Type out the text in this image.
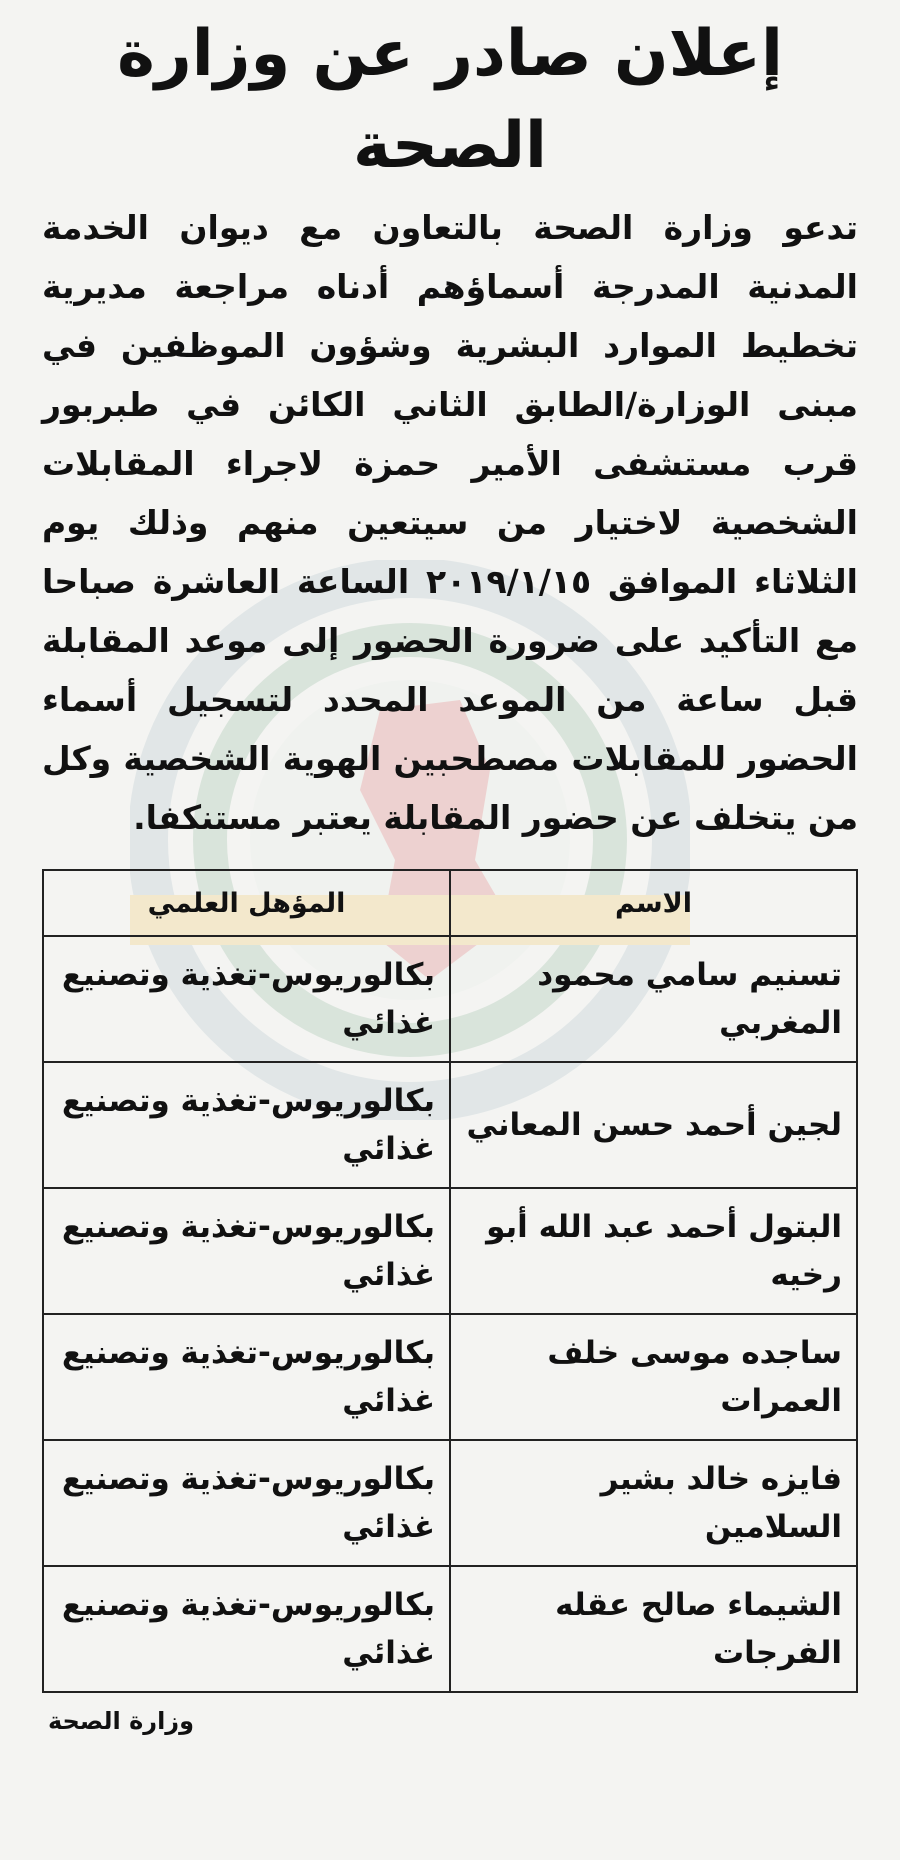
إعلان صادر عن وزارة الصحة

تدعو وزارة الصحة بالتعاون مع ديوان الخدمة المدنية المدرجة أسماؤهم أدناه مراجعة مديرية تخطيط الموارد البشرية وشؤون الموظفين في مبنى الوزارة/الطابق الثاني الكائن في طبربور قرب مستشفى الأمير حمزة لاجراء المقابلات الشخصية لاختيار من سيتعين منهم وذلك يوم الثلاثاء الموافق ٢٠١٩/١/١٥ الساعة العاشرة صباحا مع التأكيد على ضرورة الحضور إلى موعد المقابلة قبل ساعة من الموعد المحدد لتسجيل أسماء الحضور للمقابلات مصطحبين الهوية الشخصية وكل من يتخلف عن حضور المقابلة يعتبر مستنكفا.

الاسم	المؤهل العلمي
تسنيم سامي محمود المغربي	بكالوريوس-تغذية وتصنيع غذائي
لجين أحمد حسن المعاني	بكالوريوس-تغذية وتصنيع غذائي
البتول أحمد عبد الله أبو رخيه	بكالوريوس-تغذية وتصنيع غذائي
ساجده موسى خلف العمرات	بكالوريوس-تغذية وتصنيع غذائي
فايزه خالد بشير السلامين	بكالوريوس-تغذية وتصنيع غذائي
الشيماء صالح عقله الفرجات	بكالوريوس-تغذية وتصنيع غذائي

وزارة الصحة
